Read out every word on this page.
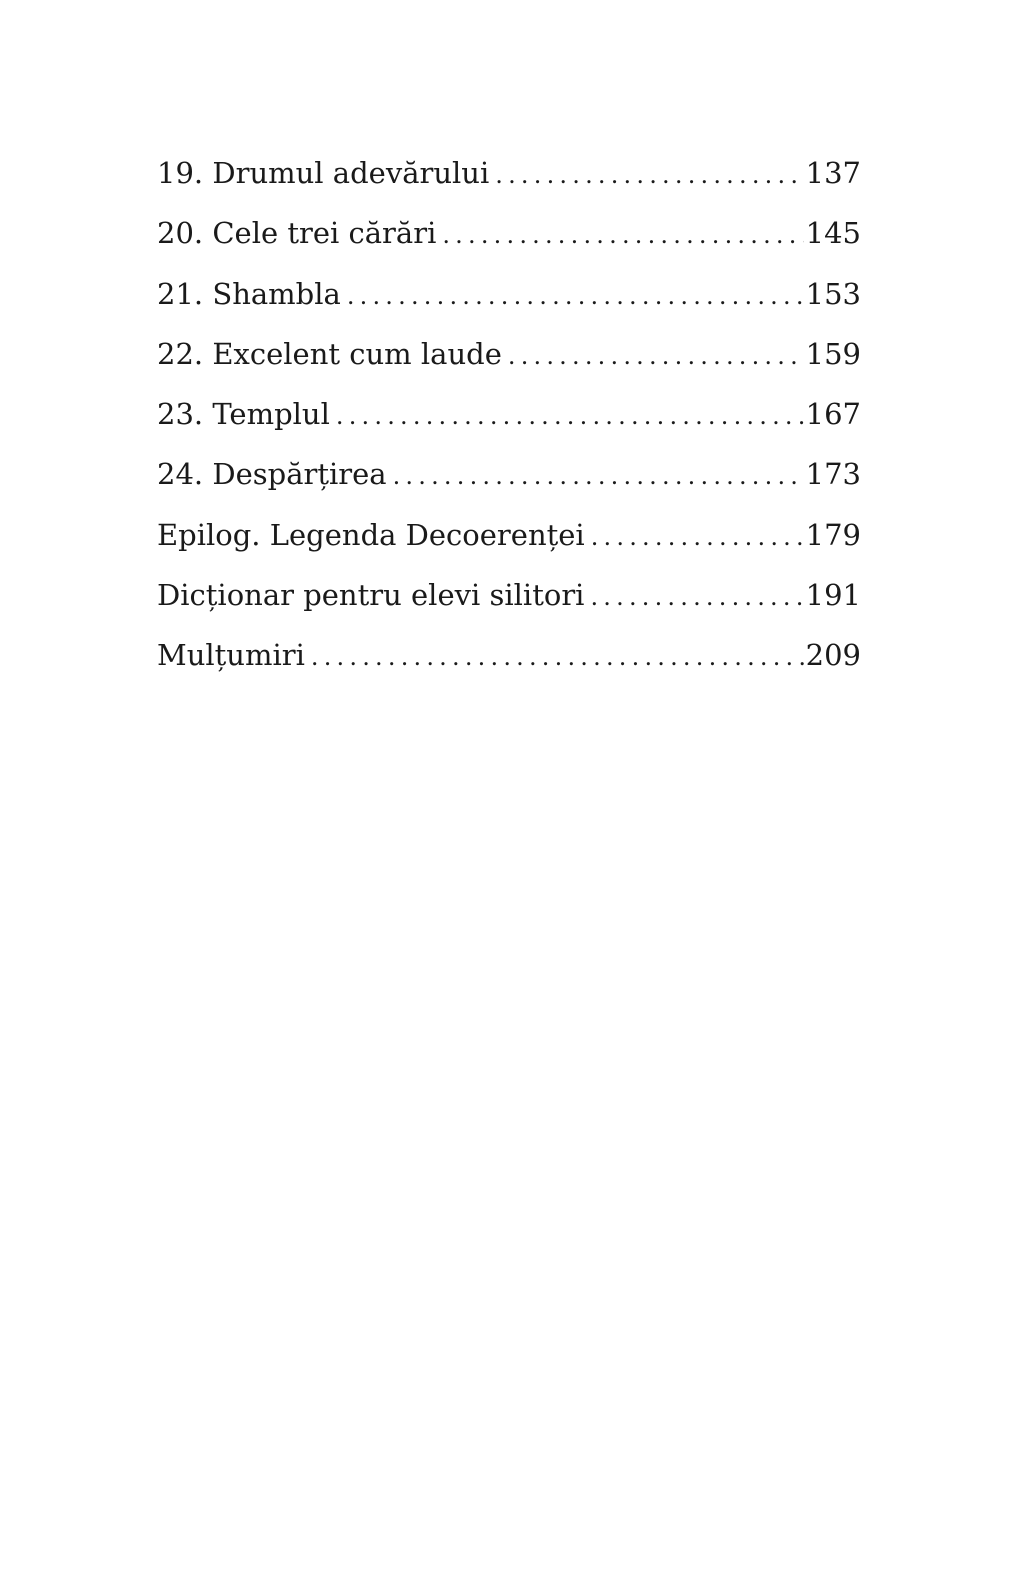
19. Drumul adevărului .....	137
20. Cele trei cărări .....	145
21. Shambla .....	153
22. Excelent cum laude .....	159
23. Templul .....	167
24. Despărțirea .....	173
Epilog. Legenda Decoerenței .....	179
Dicționar pentru elevi silitori .....	191
Mulțumiri .....	209
